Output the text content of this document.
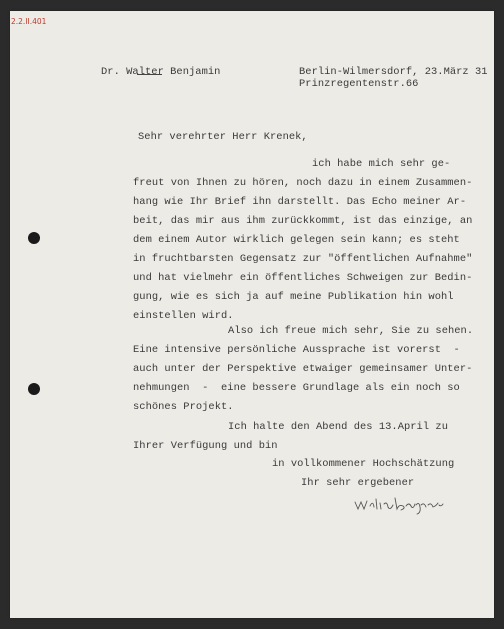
2.2.II.401
Dr. Walter Benjamin	Berlin-Wilmersdorf, 23.März 31
Prinzregentenstr.66
Sehr verehrter Herr Krenek,
ich habe mich sehr ge-
freut von Ihnen zu hören, noch dazu in einem Zusammen-
hang wie Ihr Brief ihn darstellt. Das Echo meiner Ar-
beit, das mir aus ihm zurückkommt, ist das einzige, an
dem einem Autor wirklich gelegen sein kann; es steht
in fruchtbarsten Gegensatz zur "öffentlichen Aufnahme"
und hat vielmehr ein öffentliches Schweigen zur Bedin-
gung, wie es sich ja auf meine Publikation hin wohl
einstellen wird.
Also ich freue mich sehr, Sie zu sehen.
Eine intensive persönliche Aussprache ist vorerst  -
auch unter der Perspektive etwaiger gemeinsamer Unter-
nehmungen  -  eine bessere Grundlage als ein noch so
schönes Projekt.
Ich halte den Abend des 13.April zu
Ihrer Verfügung und bin
in vollkommener Hochschätzung
Ihr sehr ergebener
